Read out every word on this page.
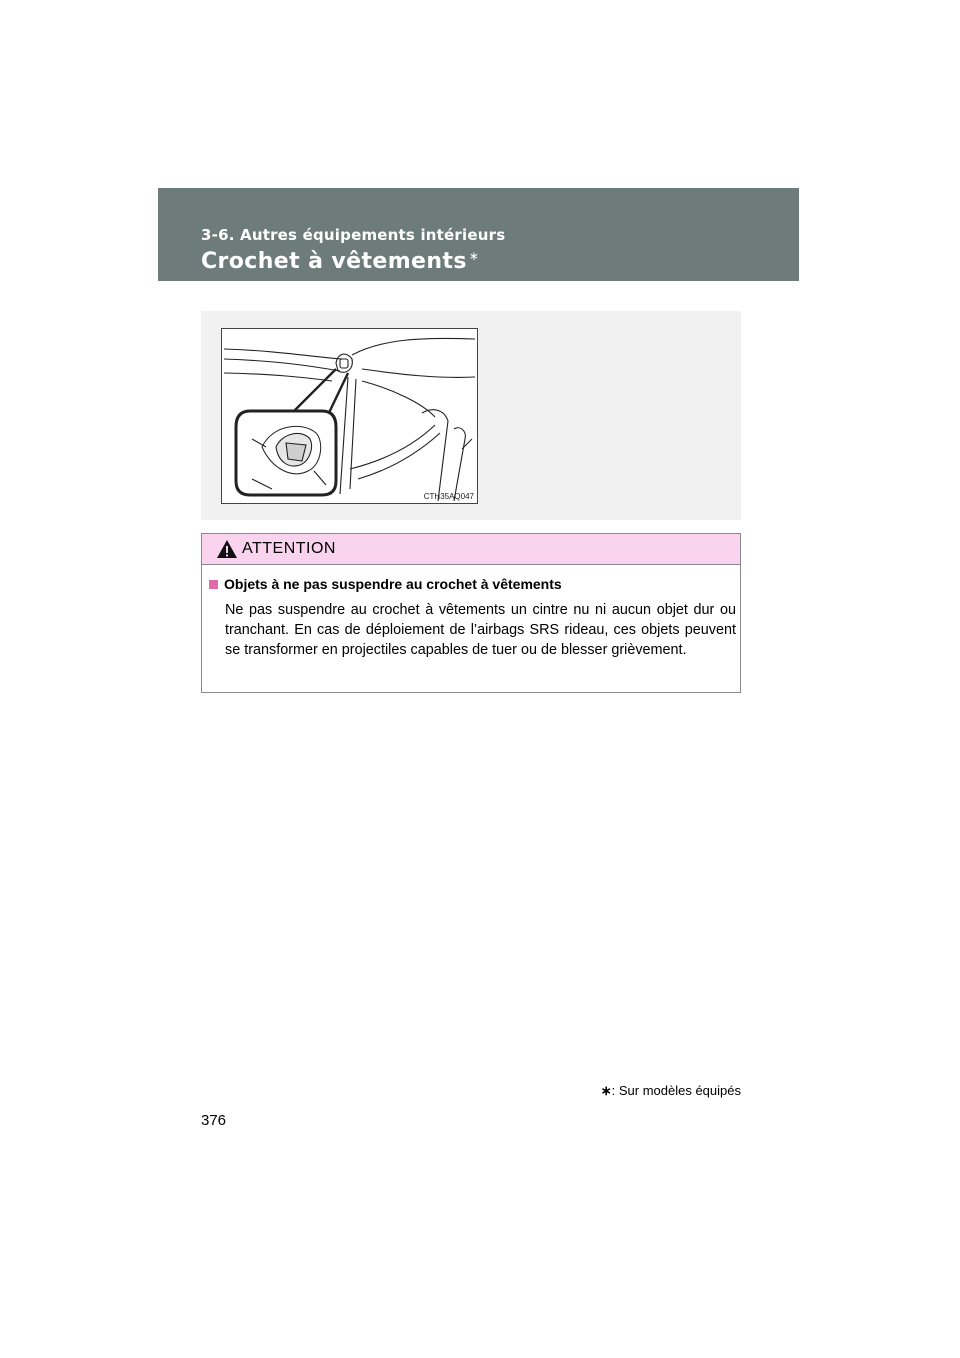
3-6. Autres équipements intérieurs
Crochet à vêtements ∗
CTH35AQ047
ATTENTION
Objets à ne pas suspendre au crochet à vêtements

Ne pas suspendre au crochet à vêtements un cintre nu ni aucun objet dur ou tranchant. En cas de déploiement de l’airbags SRS rideau, ces objets peuvent se transformer en projectiles capables de tuer ou de blesser grièvement.

∗: Sur modèles équipés
376
